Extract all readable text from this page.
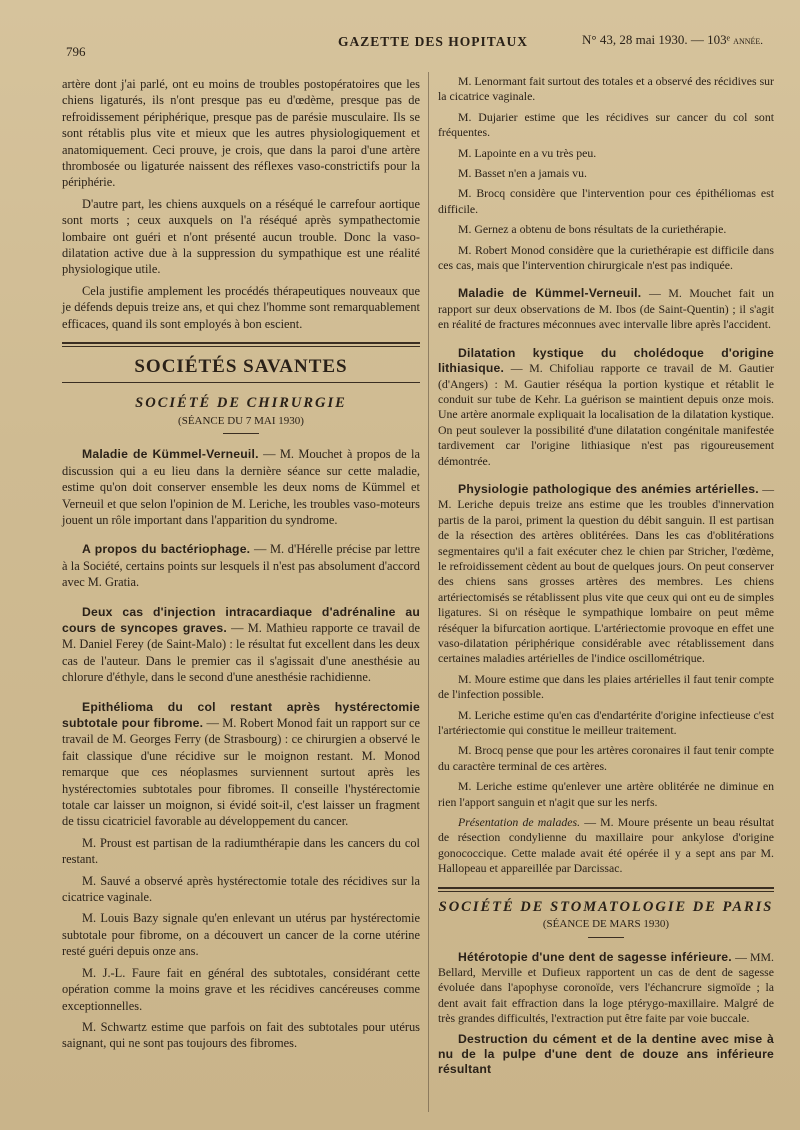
796
GAZETTE DES HOPITAUX	N° 43, 28 mai 1930. — 103ᵉ année.

artère dont j'ai parlé, ont eu moins de troubles postopératoires que les chiens ligaturés, ils n'ont presque pas eu d'œdème, presque pas de refroidissement périphérique, presque pas de parésie musculaire. Ils se sont rétablis plus vite et mieux que les autres physiologiquement et anatomiquement. Ceci prouve, je crois, que dans la paroi d'une artère thrombosée ou ligaturée naissent des réflexes vaso-constrictifs pour la périphérie.

D'autre part, les chiens auxquels on a réséqué le carrefour aortique sont morts ; ceux auxquels on l'a réséqué après sympathectomie lombaire ont guéri et n'ont présenté aucun trouble. Donc la vaso-dilatation active due à la suppression du sympathique est une réalité physiologique utile.

Cela justifie amplement les procédés thérapeutiques nouveaux que je défends depuis treize ans, et qui chez l'homme sont remarquablement efficaces, quand ils sont employés à bon escient.

SOCIÉTÉS SAVANTES
SOCIÉTÉ DE CHIRURGIE
(SÉANCE DU 7 MAI 1930)

Maladie de Kümmel-Verneuil. — M. Mouchet à propos de la discussion qui a eu lieu dans la dernière séance sur cette maladie, estime qu'on doit conserver ensemble les deux noms de Kümmel et Verneuil et que selon l'opinion de M. Leriche, les troubles vaso-moteurs jouent un rôle important dans l'apparition du syndrome.

A propos du bactériophage. — M. d'Hérelle précise par lettre à la Société, certains points sur lesquels il n'est pas absolument d'accord avec M. Gratia.

Deux cas d'injection intracardiaque d'adrénaline au cours de syncopes graves. — M. Mathieu rapporte ce travail de M. Daniel Ferey (de Saint-Malo) : le résultat fut excellent dans les deux cas de l'auteur. Dans le premier cas il s'agissait d'une anesthésie au chlorure d'éthyle, dans le second d'une anesthésie rachidienne.

Epithélioma du col restant après hystérectomie subtotale pour fibrome. — M. Robert Monod fait un rapport sur ce travail de M. Georges Ferry (de Strasbourg) : ce chirurgien a observé le fait classique d'une récidive sur le moignon restant. M. Monod remarque que ces néoplasmes surviennent surtout après les hystérectomies subtotales pour fibromes. Il conseille l'hystérectomie totale car laisser un moignon, si évidé soit-il, c'est laisser un fragment de tissu cicatriciel favorable au développement du cancer.

M. Proust est partisan de la radiumthérapie dans les cancers du col restant.

M. Sauvé a observé après hystérectomie totale des récidives sur la cicatrice vaginale.

M. Louis Bazy signale qu'en enlevant un utérus par hystérectomie subtotale pour fibrome, on a découvert un cancer de la corne utérine resté guéri depuis onze ans.

M. J.-L. Faure fait en général des subtotales, considérant cette opération comme la moins grave et les récidives cancéreuses comme exceptionnelles.

M. Schwartz estime que parfois on fait des subtotales pour utérus saignant, qui ne sont pas toujours des fibromes.

M. Lenormant fait surtout des totales et a observé des récidives sur la cicatrice vaginale.

M. Dujarier estime que les récidives sur cancer du col sont fréquentes.

M. Lapointe en a vu très peu.

M. Basset n'en a jamais vu.

M. Brocq considère que l'intervention pour ces épithéliomas est difficile.

M. Gernez a obtenu de bons résultats de la curiethérapie.

M. Robert Monod considère que la curiethérapie est difficile dans ces cas, mais que l'intervention chirurgicale n'est pas indiquée.

Maladie de Kümmel-Verneuil. — M. Mouchet fait un rapport sur deux observations de M. Ibos (de Saint-Quentin) ; il s'agit en réalité de fractures méconnues avec intervalle libre après l'accident.

Dilatation kystique du cholédoque d'origine lithiasique. — M. Chifoliau rapporte ce travail de M. Gautier (d'Angers) : M. Gautier réséqua la portion kystique et rétablit le conduit sur tube de Kehr. La guérison se maintient depuis onze mois. Une artère anormale expliquait la localisation de la dilatation kystique. On peut soulever la possibilité d'une dilatation congénitale manifestée tardivement car l'origine lithiasique n'est pas rigoureusement démontrée.

Physiologie pathologique des anémies artérielles. — M. Leriche depuis treize ans estime que les troubles d'innervation partis de la paroi, priment la question du débit sanguin. Il est partisan de la résection des artères oblitérées. Dans les cas d'oblitérations segmentaires qu'il a fait exécuter chez le chien par Stricher, l'œdème, le refroidissement cèdent au bout de quelques jours. On peut conserver des chiens sans grosses artères des membres. Les chiens artériectomisés se rétablissent plus vite que ceux qui ont eu de simples ligatures. Si on résèque le sympathique lombaire on peut même réséquer la bifurcation aortique. L'artériectomie provoque en effet une vaso-dilatation périphérique considérable avec rétablissement dans certaines maladies artérielles de l'indice oscillométrique.

M. Moure estime que dans les plaies artérielles il faut tenir compte de l'infection possible.

M. Leriche estime qu'en cas d'endartérite d'origine infectieuse c'est l'artériectomie qui constitue le meilleur traitement.

M. Brocq pense que pour les artères coronaires il faut tenir compte du caractère terminal de ces artères.

M. Leriche estime qu'enlever une artère oblitérée ne diminue en rien l'apport sanguin et n'agit que sur les nerfs.

Présentation de malades. — M. Moure présente un beau résultat de résection condylienne du maxillaire pour ankylose d'origine gonococcique. Cette malade avait été opérée il y a sept ans par M. Hallopeau et appareillée par Darcissac.

SOCIÉTÉ DE STOMATOLOGIE DE PARIS
(SÉANCE DE MARS 1930)

Hétérotopie d'une dent de sagesse inférieure. — MM. Bellard, Merville et Dufieux rapportent un cas de dent de sagesse évoluée dans l'apophyse coronoïde, vers l'échancrure sigmoïde ; la dent avait fait effraction dans la loge ptérygo-maxillaire. Malgré de très grandes difficultés, l'extraction put être faite par voie buccale.

Destruction du cément et de la dentine avec mise à nu de la pulpe d'une dent de douze ans inférieure résultant
